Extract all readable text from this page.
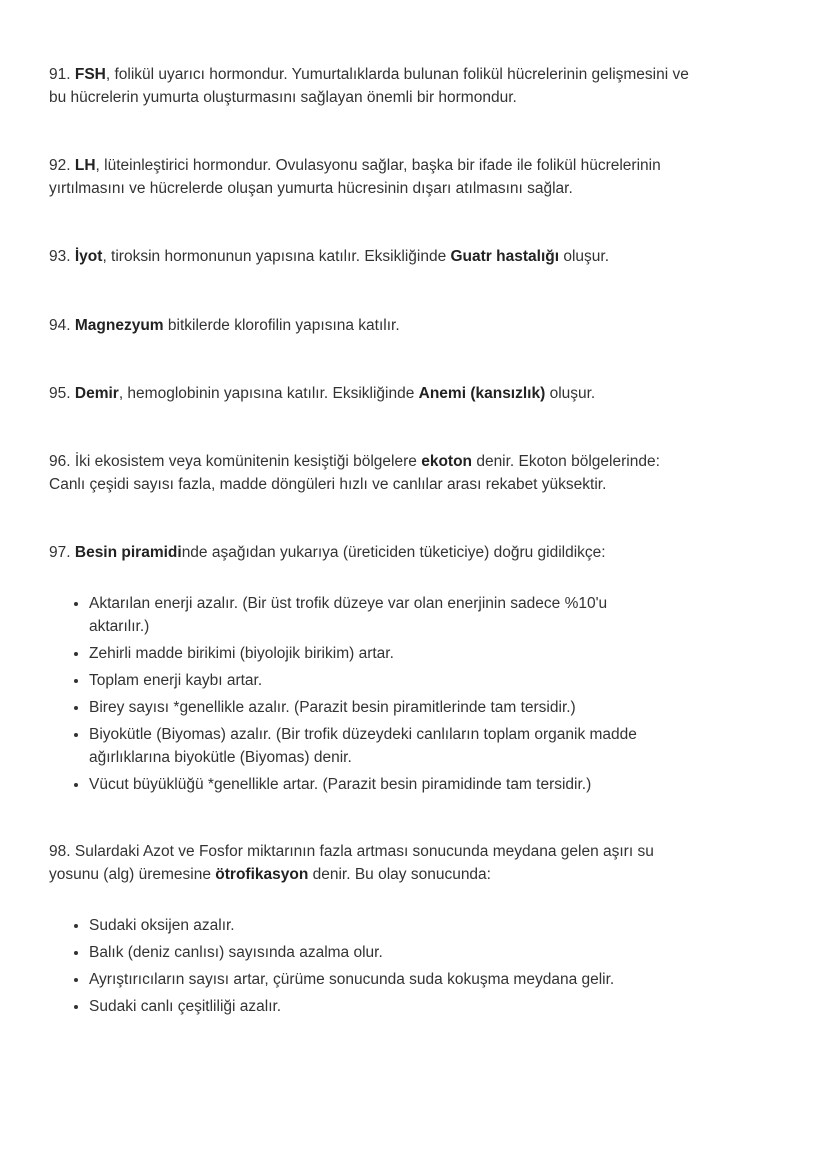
91. FSH, folikül uyarıcı hormondur. Yumurtalıklarda bulunan folikül hücrelerinin gelişmesini ve bu hücrelerin yumurta oluşturmasını sağlayan önemli bir hormondur.

92. LH, lüteinleştirici hormondur. Ovulasyonu sağlar, başka bir ifade ile folikül hücrelerinin yırtılmasını ve hücrelerde oluşan yumurta hücresinin dışarı atılmasını sağlar.

93. İyot, tiroksin hormonunun yapısına katılır. Eksikliğinde Guatr hastalığı oluşur.

94. Magnezyum bitkilerde klorofilin yapısına katılır.

95. Demir, hemoglobinin yapısına katılır. Eksikliğinde Anemi (kansızlık) oluşur.

96. İki ekosistem veya komünitenin kesiştiği bölgelere ekoton denir. Ekoton bölgelerinde: Canlı çeşidi sayısı fazla, madde döngüleri hızlı ve canlılar arası rekabet yüksektir.

97. Besin piramidinde aşağıdan yukarıya (üreticiden tüketiciye) doğru gidildikçe:

• Aktarılan enerji azalır. (Bir üst trofik düzeye var olan enerjinin sadece %10'u aktarılır.)
• Zehirli madde birikimi (biyolojik birikim) artar.
• Toplam enerji kaybı artar.
• Birey sayısı *genellikle azalır. (Parazit besin piramitlerinde tam tersidir.)
• Biyokütle (Biyomas) azalır. (Bir trofik düzeydeki canlıların toplam organik madde ağırlıklarına biyokütle (Biyomas) denir.
• Vücut büyüklüğü *genellikle artar. (Parazit besin piramidinde tam tersidir.)

98. Sulardaki Azot ve Fosfor miktarının fazla artması sonucunda meydana gelen aşırı su yosunu (alg) üremesine ötrofikasyon denir. Bu olay sonucunda:

• Sudaki oksijen azalır.
• Balık (deniz canlısı) sayısında azalma olur.
• Ayrıştırıcıların sayısı artar, çürüme sonucunda suda kokuşma meydana gelir.
• Sudaki canlı çeşitliliği azalır.
